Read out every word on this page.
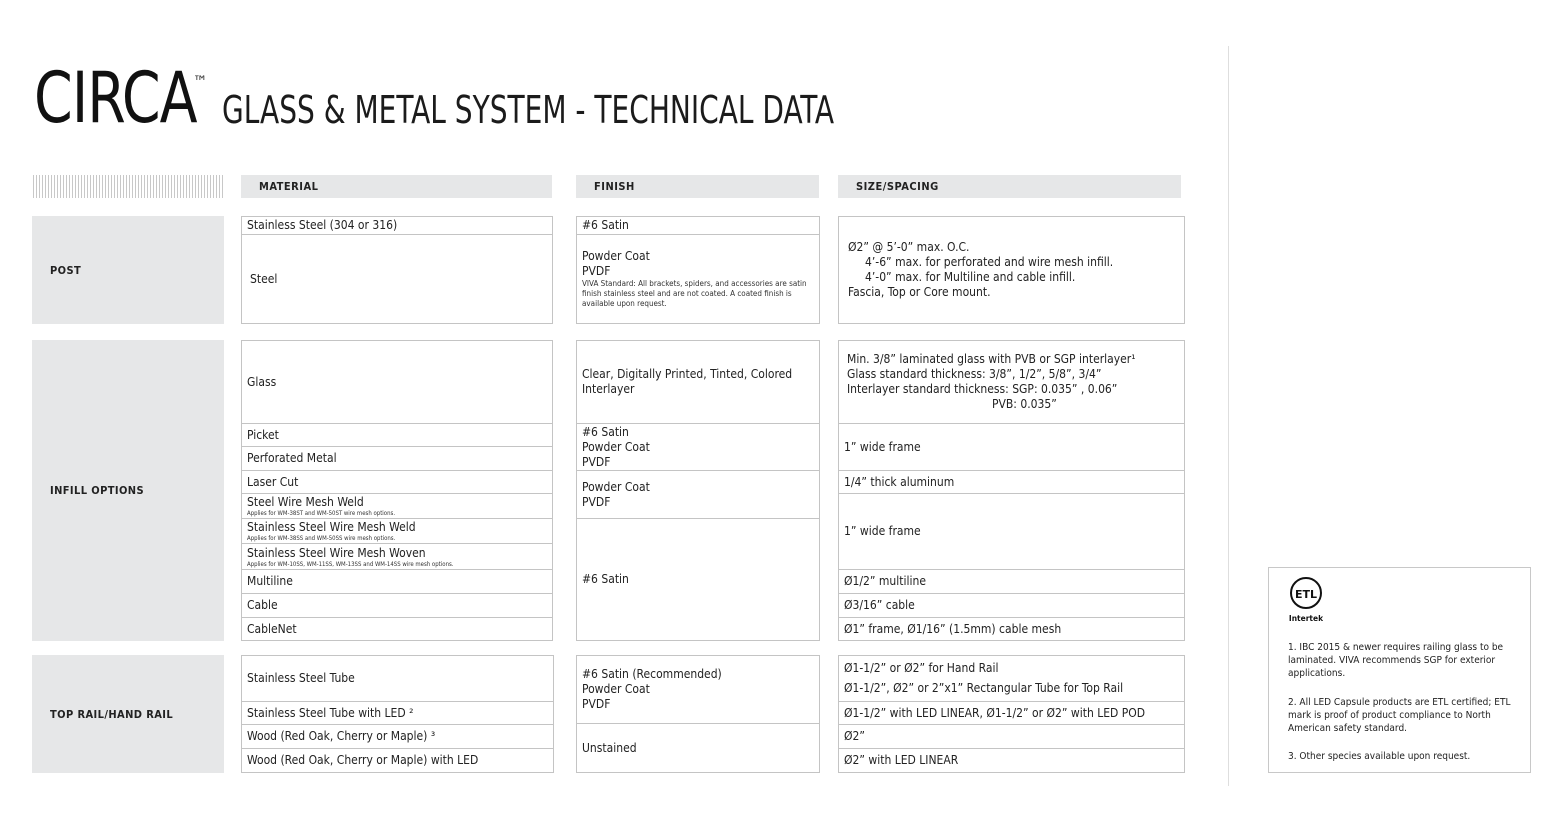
CIRCA
™
GLASS & METAL SYSTEM - TECHNICAL DATA
MATERIAL	FINISH	SIZE/SPACING
POST
Stainless Steel (304 or 316)
Steel
#6 Satin
Powder Coat
PVDF
VIVA Standard: All brackets, spiders, and accessories are satin finish stainless steel and are not coated. A coated finish is available upon request.
Ø2” @ 5’-0” max. O.C.
4’-6” max. for perforated and wire mesh infill.
4’-0” max. for Multiline and cable infill.
Fascia, Top or Core mount.
INFILL OPTIONS
Glass
Picket
Perforated Metal
Laser Cut
Steel Wire Mesh Weld
Applies for WM-38ST and WM-50ST wire mesh options.
Stainless Steel Wire Mesh Weld
Applies for WM-38SS and WM-50SS wire mesh options.
Stainless Steel Wire Mesh Woven
Applies for WM-10SS, WM-11SS, WM-13SS and WM-14SS wire mesh options.
Multiline
Cable
CableNet
Clear, Digitally Printed, Tinted, Colored
Interlayer
#6 Satin
Powder Coat
PVDF
Powder Coat
PVDF
#6 Satin
Min. 3/8” laminated glass with PVB or SGP interlayer¹
Glass standard thickness: 3/8”, 1/2”, 5/8”, 3/4”
Interlayer standard thickness: SGP: 0.035” , 0.06”
PVB: 0.035”
1” wide frame
1/4” thick aluminum
1” wide frame
Ø1/2” multiline
Ø3/16” cable
Ø1” frame, Ø1/16” (1.5mm) cable mesh
TOP RAIL/HAND RAIL
Stainless Steel Tube
Stainless Steel Tube with LED ²
Wood (Red Oak, Cherry or Maple) ³
Wood (Red Oak, Cherry or Maple) with LED
#6 Satin (Recommended)
Powder Coat
PVDF
Unstained
Ø1-1/2” or Ø2” for Hand Rail
Ø1-1/2”, Ø2” or 2”x1” Rectangular Tube for Top Rail
Ø1-1/2” with LED LINEAR, Ø1-1/2” or Ø2” with LED POD
Ø2”
Ø2” with LED LINEAR
ETL
Intertek
1. IBC 2015 & newer requires railing glass to be laminated. VIVA recommends SGP for exterior applications.
2. All LED Capsule products are ETL certified; ETL mark is proof of product compliance to North American safety standard.
3. Other species available upon request.
